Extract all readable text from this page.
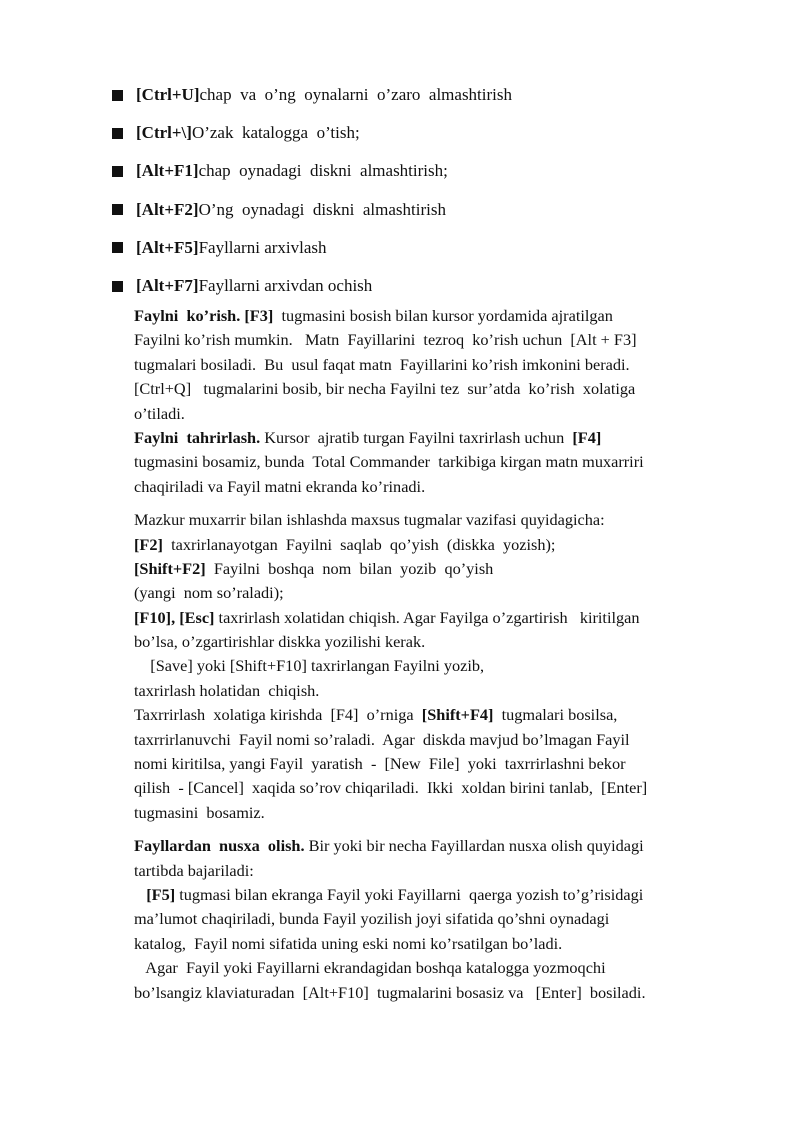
[Ctrl+U]chap  va  o’ng  oynalarni  o’zaro  almashtirish
[Ctrl+\]O’zak  katalogga  o’tish;
[Alt+F1]chap  oynadagi  diskni  almashtirish;
[Alt+F2]O’ng  oynadagi  diskni  almashtirish
[Alt+F5]Fayllarni arxivlash
[Alt+F7]Fayllarni arxivdan ochish
Faylni  ko’rish. [F3]  tugmasini bosish bilan kursor yordamida ajratilgan
Fayilni ko’rish mumkin.   Matn  Fayillarini  tezroq  ko’rish uchun  [Alt + F3]
tugmalari bosiladi.  Bu  usul faqat matn  Fayillarini ko’rish imkonini beradi.
[Ctrl+Q]   tugmalarini bosib, bir necha Fayilni tez  sur’atda  ko’rish  xolatiga
o’tiladi.
Faylni  tahrirlash. Kursor  ajratib turgan Fayilni taxrirlash uchun  [F4]
tugmasini bosamiz, bunda  Total Commander  tarkibiga kirgan matn muxarriri
chaqiriladi va Fayil matni ekranda ko’rinadi.
Mazkur muxarrir bilan ishlashda maxsus tugmalar vazifasi quyidagicha:
[F2]  taxrirlanayotgan  Fayilni  saqlab  qo’yish  (diskka  yozish);
[Shift+F2]  Fayilni  boshqa  nom  bilan  yozib  qo’yish
(yangi  nom so’raladi);
[F10], [Esc] taxrirlash xolatidan chiqish. Agar Fayilga o’zgartirish   kiritilgan
bo’lsa, o’zgartirishlar diskka yozilishi kerak.
[Save] yoki [Shift+F10] taxrirlangan Fayilni yozib,
taxrirlash holatidan  chiqish.
Taxrrirlash  xolatiga kirishda  [F4]  o’rniga  [Shift+F4]  tugmalari bosilsa,
taxrrirlanuvchi  Fayil nomi so’raladi.  Agar  diskda mavjud bo’lmagan Fayil
nomi kiritilsa, yangi Fayil  yaratish  -  [New  File]  yoki  taxrrirlashni bekor
qilish  - [Cancel]  xaqida so’rov chiqariladi.  Ikki  xoldan birini tanlab,  [Enter]
tugmasini  bosamiz.
Fayllardan  nusxa  olish. Bir yoki bir necha Fayillardan nusxa olish quyidagi
tartibda bajariladi:
[F5] tugmasi bilan ekranga Fayil yoki Fayillarni  qaerga yozish to’g’risidagi
ma’lumot chaqiriladi, bunda Fayil yozilish joyi sifatida qo’shni oynadagi
katalog,  Fayil nomi sifatida uning eski nomi ko’rsatilgan bo’ladi.
Agar  Fayil yoki Fayillarni ekrandagidan boshqa katalogga yozmoqchi
bo’lsangiz klaviaturadan  [Alt+F10]  tugmalarini bosasiz va   [Enter]  bosiladi.
